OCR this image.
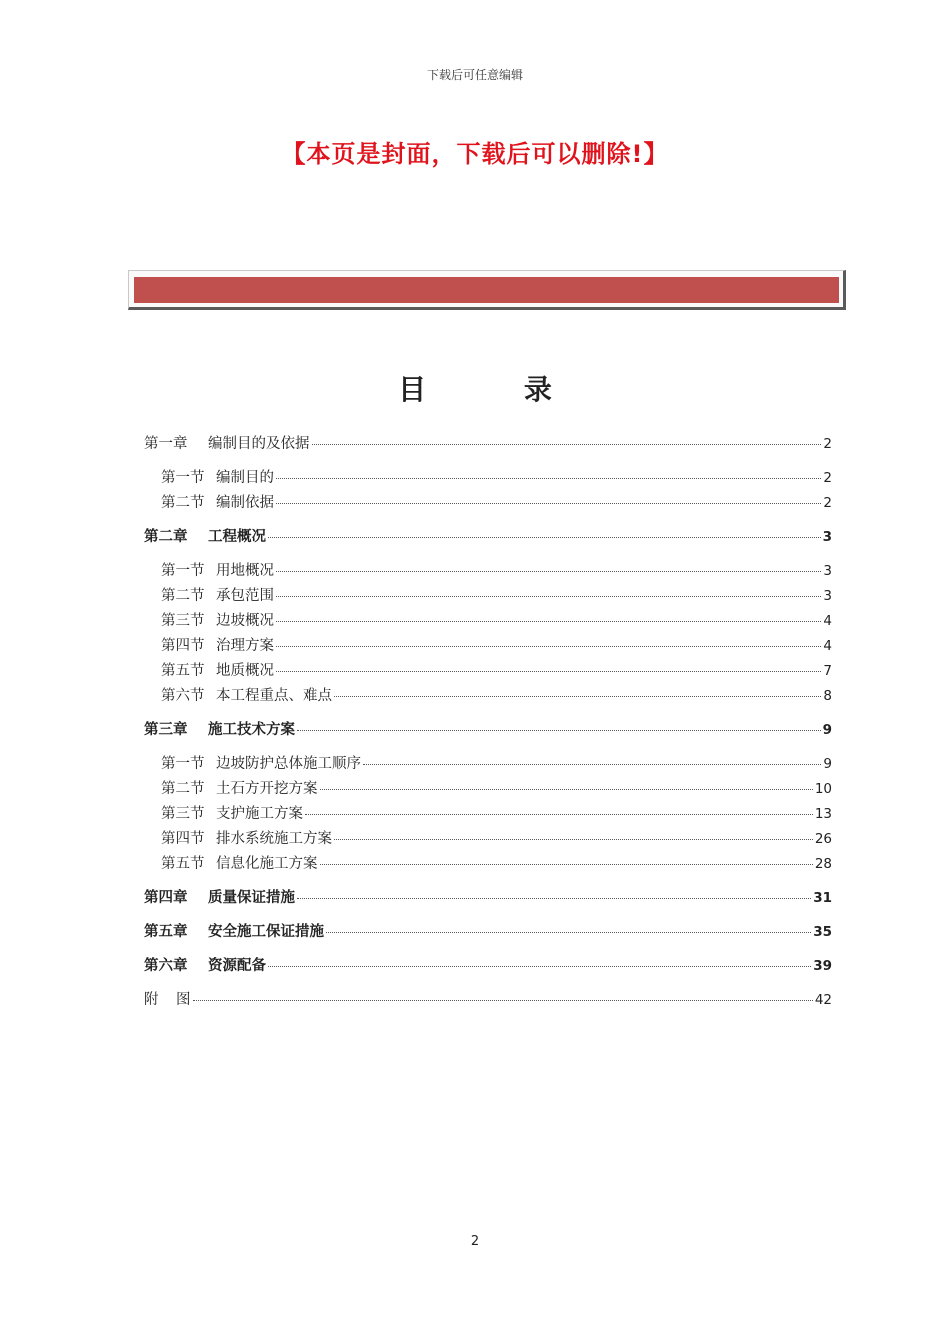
下载后可任意编辑
【本页是封面，下载后可以删除!】
目 录
第一章	编制目的及依据	2
第一节 编制目的	2
第二节 编制依据	2
第二章	工程概况	3
第一节 用地概况	3
第二节 承包范围	3
第三节 边坡概况	4
第四节 治理方案	4
第五节 地质概况	7
第六节 本工程重点、难点	8
第三章	施工技术方案	9
第一节 边坡防护总体施工顺序	9
第二节 土石方开挖方案	10
第三节 支护施工方案	13
第四节 排水系统施工方案	26
第五节 信息化施工方案	28
第四章	质量保证措施	31
第五章	安全施工保证措施	35
第六章	资源配备	39
附	图	42
2
